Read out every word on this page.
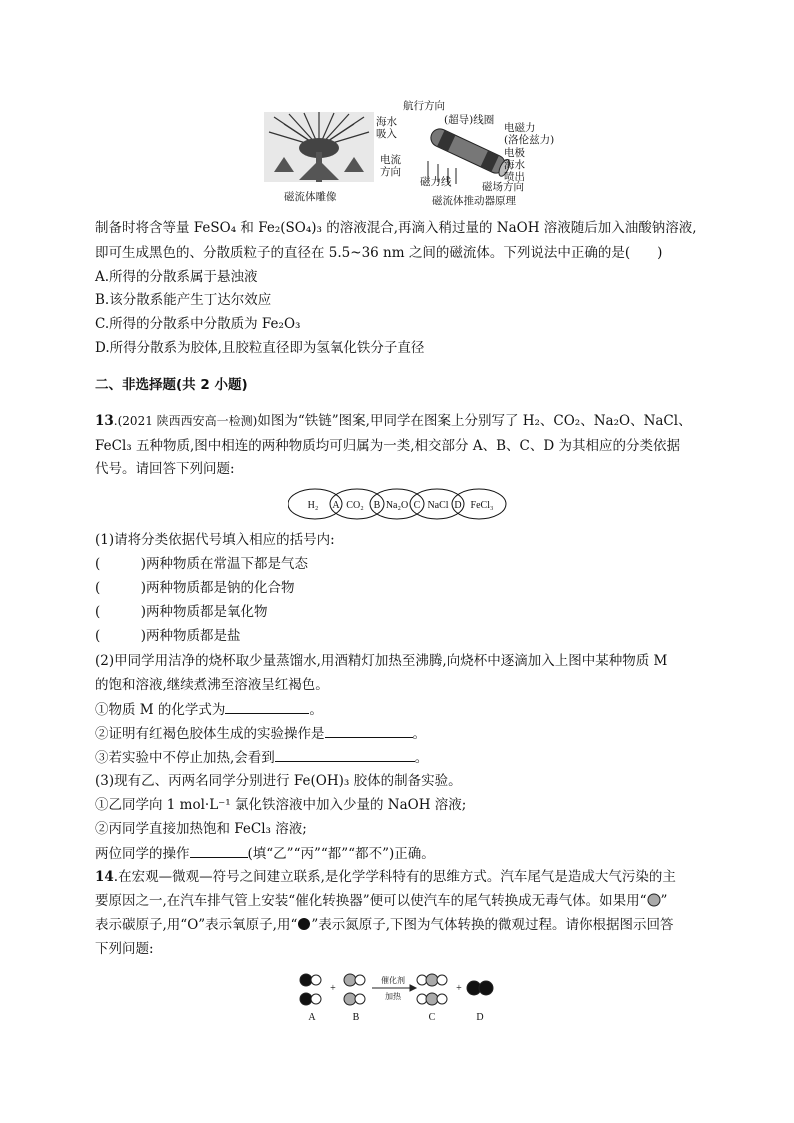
磁流体雕像
航行方向
海水
吸入
(超导)线圈
电磁力
(洛伦兹力)
电极
海水
喷出
电流
方向
磁力线	磁场方向
磁流体推动器原理
制备时将含等量 FeSO₄ 和 Fe₂(SO₄)₃ 的溶液混合,再滴入稍过量的 NaOH 溶液随后加入油酸钠溶液,
即可生成黑色的、分散质粒子的直径在 5.5~36 nm 之间的磁流体。下列说法中正确的是(　　)
A.所得的分散系属于悬浊液
B.该分散系能产生丁达尔效应
C.所得的分散系中分散质为 Fe₂O₃
D.所得分散系为胶体,且胶粒直径即为氢氧化铁分子直径
二、非选择题(共 2 小题)
13.(2021 陕西西安高一检测)如图为“铁链”图案,甲同学在图案上分别写了 H₂、CO₂、Na₂O、NaCl、
FeCl₃ 五种物质,图中相连的两种物质均可归属为一类,相交部分 A、B、C、D 为其相应的分类依据
代号。请回答下列问题:
H₂	CO₂ Na₂O NaCl FeCl₃
A	B	C	D
(1)请将分类依据代号填入相应的括号内:
(　　　)两种物质在常温下都是气态
(　　　)两种物质都是钠的化合物
(　　　)两种物质都是氧化物
(　　　)两种物质都是盐
(2)甲同学用洁净的烧杯取少量蒸馏水,用酒精灯加热至沸腾,向烧杯中逐滴加入上图中某种物质 M
的饱和溶液,继续煮沸至溶液呈红褐色。
①物质 M 的化学式为	。
②证明有红褐色胶体生成的实验操作是	。
③若实验中不停止加热,会看到	。
(3)现有乙、丙两名同学分别进行 Fe(OH)₃ 胶体的制备实验。
①乙同学向 1 mol·L⁻¹ 氯化铁溶液中加入少量的 NaOH 溶液;
②丙同学直接加热饱和 FeCl₃ 溶液;
两位同学的操作	(填“乙”“丙”“都”“都不”)正确。
14.在宏观—微观—符号之间建立联系,是化学学科特有的思维方式。汽车尾气是造成大气污染的主
要原因之一,在汽车排气管上安装“催化转换器”便可以使汽车的尾气转换成无毒气体。如果用“ ”
表示碳原子,用“O”表示氧原子,用“ ”表示氮原子,下图为气体转换的微观过程。请你根据图示回答
下列问题:
+	+
催化剂
加热
A	B	C	D
